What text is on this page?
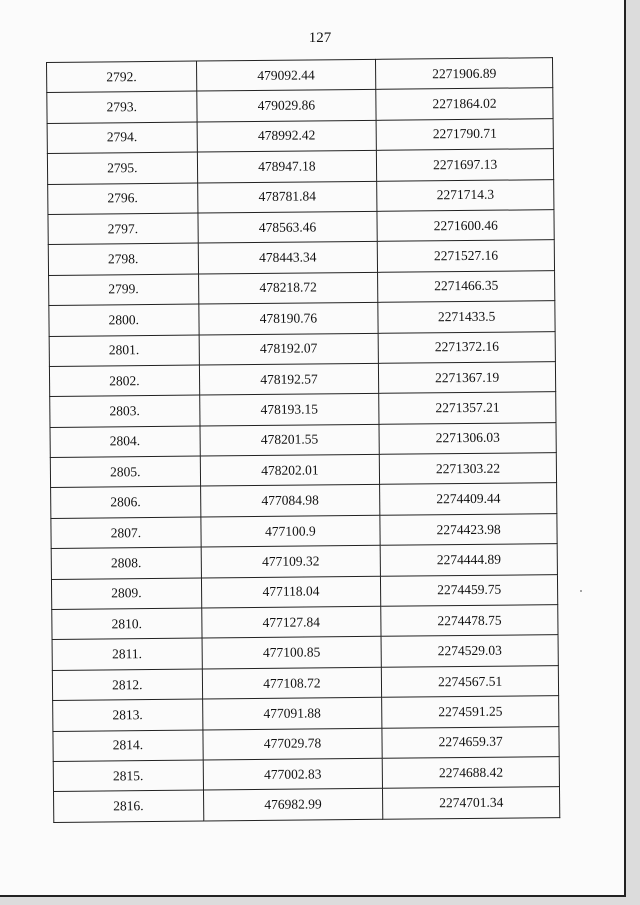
127
2792.	479092.44	2271906.89
2793.	479029.86	2271864.02
2794.	478992.42	2271790.71
2795.	478947.18	2271697.13
2796.	478781.84	2271714.3
2797.	478563.46	2271600.46
2798.	478443.34	2271527.16
2799.	478218.72	2271466.35
2800.	478190.76	2271433.5
2801.	478192.07	2271372.16
2802.	478192.57	2271367.19
2803.	478193.15	2271357.21
2804.	478201.55	2271306.03
2805.	478202.01	2271303.22
2806.	477084.98	2274409.44
2807.	477100.9	2274423.98
2808.	477109.32	2274444.89
2809.	477118.04	2274459.75
2810.	477127.84	2274478.75
2811.	477100.85	2274529.03
2812.	477108.72	2274567.51
2813.	477091.88	2274591.25
2814.	477029.78	2274659.37
2815.	477002.83	2274688.42
2816.	476982.99	2274701.34
